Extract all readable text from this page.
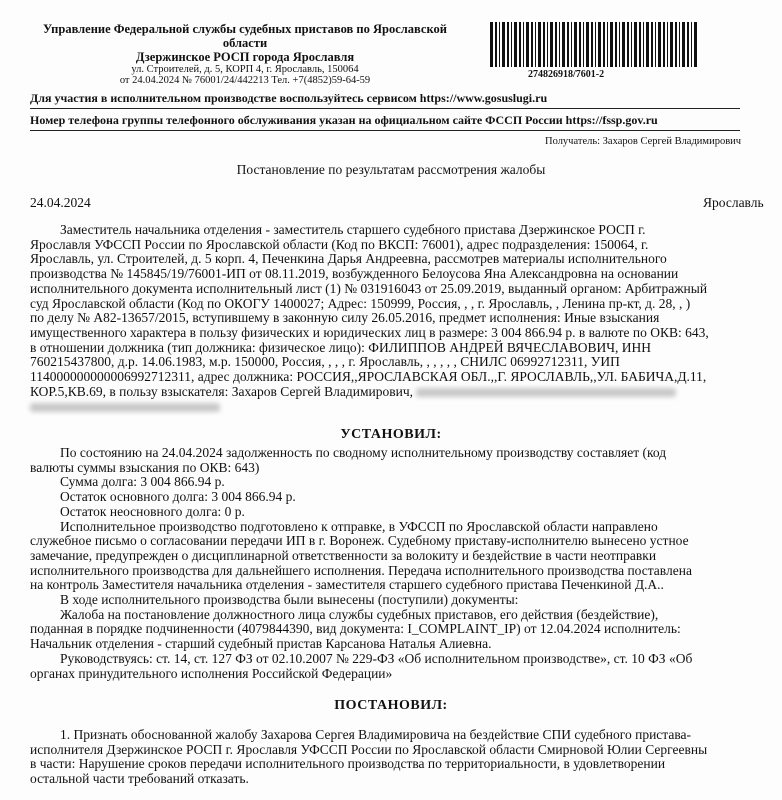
Управление Федеральной службы судебных приставов по Ярославской
области
Дзержинское РОСП города Ярославля
ул. Строителей, д. 5, КОРП 4, г. Ярославль, 150064
от 24.04.2024 № 76001/24/442213 Тел. +7(4852)59-64-59
274826918/7601-2
Для участия в исполнительном производстве воспользуйтесь сервисом https://www.gosuslugi.ru
Номер телефона группы телефонного обслуживания указан на официальном сайте ФССП России https://fssp.gov.ru
Получатель: Захаров Сергей Владимирович
Постановление по результатам рассмотрения жалобы
24.04.2024	Ярославль

Заместитель начальника отделения - заместитель старшего судебного пристава Дзержинское РОСП г.

Ярославля УФССП России по Ярославской области (Код по ВКСП: 76001), адрес подразделения: 150064, г.

Ярославль, ул. Строителей, д. 5 корп. 4, Печенкина Дарья Андреевна, рассмотрев материалы исполнительного

производства № 145845/19/76001-ИП от 08.11.2019, возбужденного Белоусова Яна Александровна на основании

исполнительного документа исполнительный лист (1) № 031916043 от 25.09.2019, выданный органом: Арбитражный

суд Ярославской области (Код по ОКОГУ 1400027; Адрес: 150999, Россия, , , г. Ярославль, , Ленина пр-кт, д. 28, , )

по делу № А82-13657/2015, вступившему в законную силу 26.05.2016, предмет исполнения: Иные взыскания

имущественного характера в пользу физических и юридических лиц в размере: 3 004 866.94 р. в валюте по ОКВ: 643,

в отношении должника (тип должника: физическое лицо): ФИЛИППОВ АНДРЕЙ ВЯЧЕСЛАВОВИЧ, ИНН

760215437800, д.р. 14.06.1983, м.р. 150000, Россия, , , , г. Ярославль, , , , , , СНИЛС 06992712311, УИП

114000000000006992712311, адрес должника: РОССИЯ,,ЯРОСЛАВСКАЯ ОБЛ.,,Г. ЯРОСЛАВЛЬ,,УЛ. БАБИЧА,Д.11,

КОР.5,КВ.69, в пользу взыскателя: Захаров Сергей Владимирович,

УСТАНОВИЛ:

По состоянию на 24.04.2024 задолженность по сводному исполнительному производству составляет (код

валюты суммы взыскания по ОКВ: 643)

Сумма долга: 3 004 866.94 р.

Остаток основного долга: 3 004 866.94 р.

Остаток неосновного долга: 0 р.

Исполнительное производство подготовлено к отправке, в УФССП по Ярославской области направлено

служебное письмо о согласовании передачи ИП в г. Воронеж. Судебному приставу-исполнителю вынесено устное

замечание, предупрежден о дисциплинарной ответственности за волокиту и бездействие в части неотправки

исполнительного производства для дальнейшего исполнения. Передача исполнительного производства поставлена

на контроль Заместителя начальника отделения - заместителя старшего судебного пристава Печенкиной Д.А..

В ходе исполнительного производства были вынесены (поступили) документы:

Жалоба на постановление должностного лица службы судебных приставов, его действия (бездействие),

поданная в порядке подчиненности (4079844390, вид документа: I_COMPLAINT_IP) от 12.04.2024 исполнитель:

Начальник отделения - старший судебный пристав Карсанова Наталья Алиевна.

Руководствуясь: ст. 14, ст. 127 ФЗ от 02.10.2007 № 229-ФЗ «Об исполнительном производстве», ст. 10 ФЗ «Об

органах принудительного исполнения Российской Федерации»

ПОСТАНОВИЛ:

1. Признать обоснованной жалобу Захарова Сергея Владимировича на бездействие СПИ судебного пристава-

исполнителя Дзержинское РОСП г. Ярославля УФССП России по Ярославской области Смирновой Юлии Сергеевны

в части: Нарушение сроков передачи исполнительного производства по территориальности, в удовлетворении

остальной части требований отказать.
